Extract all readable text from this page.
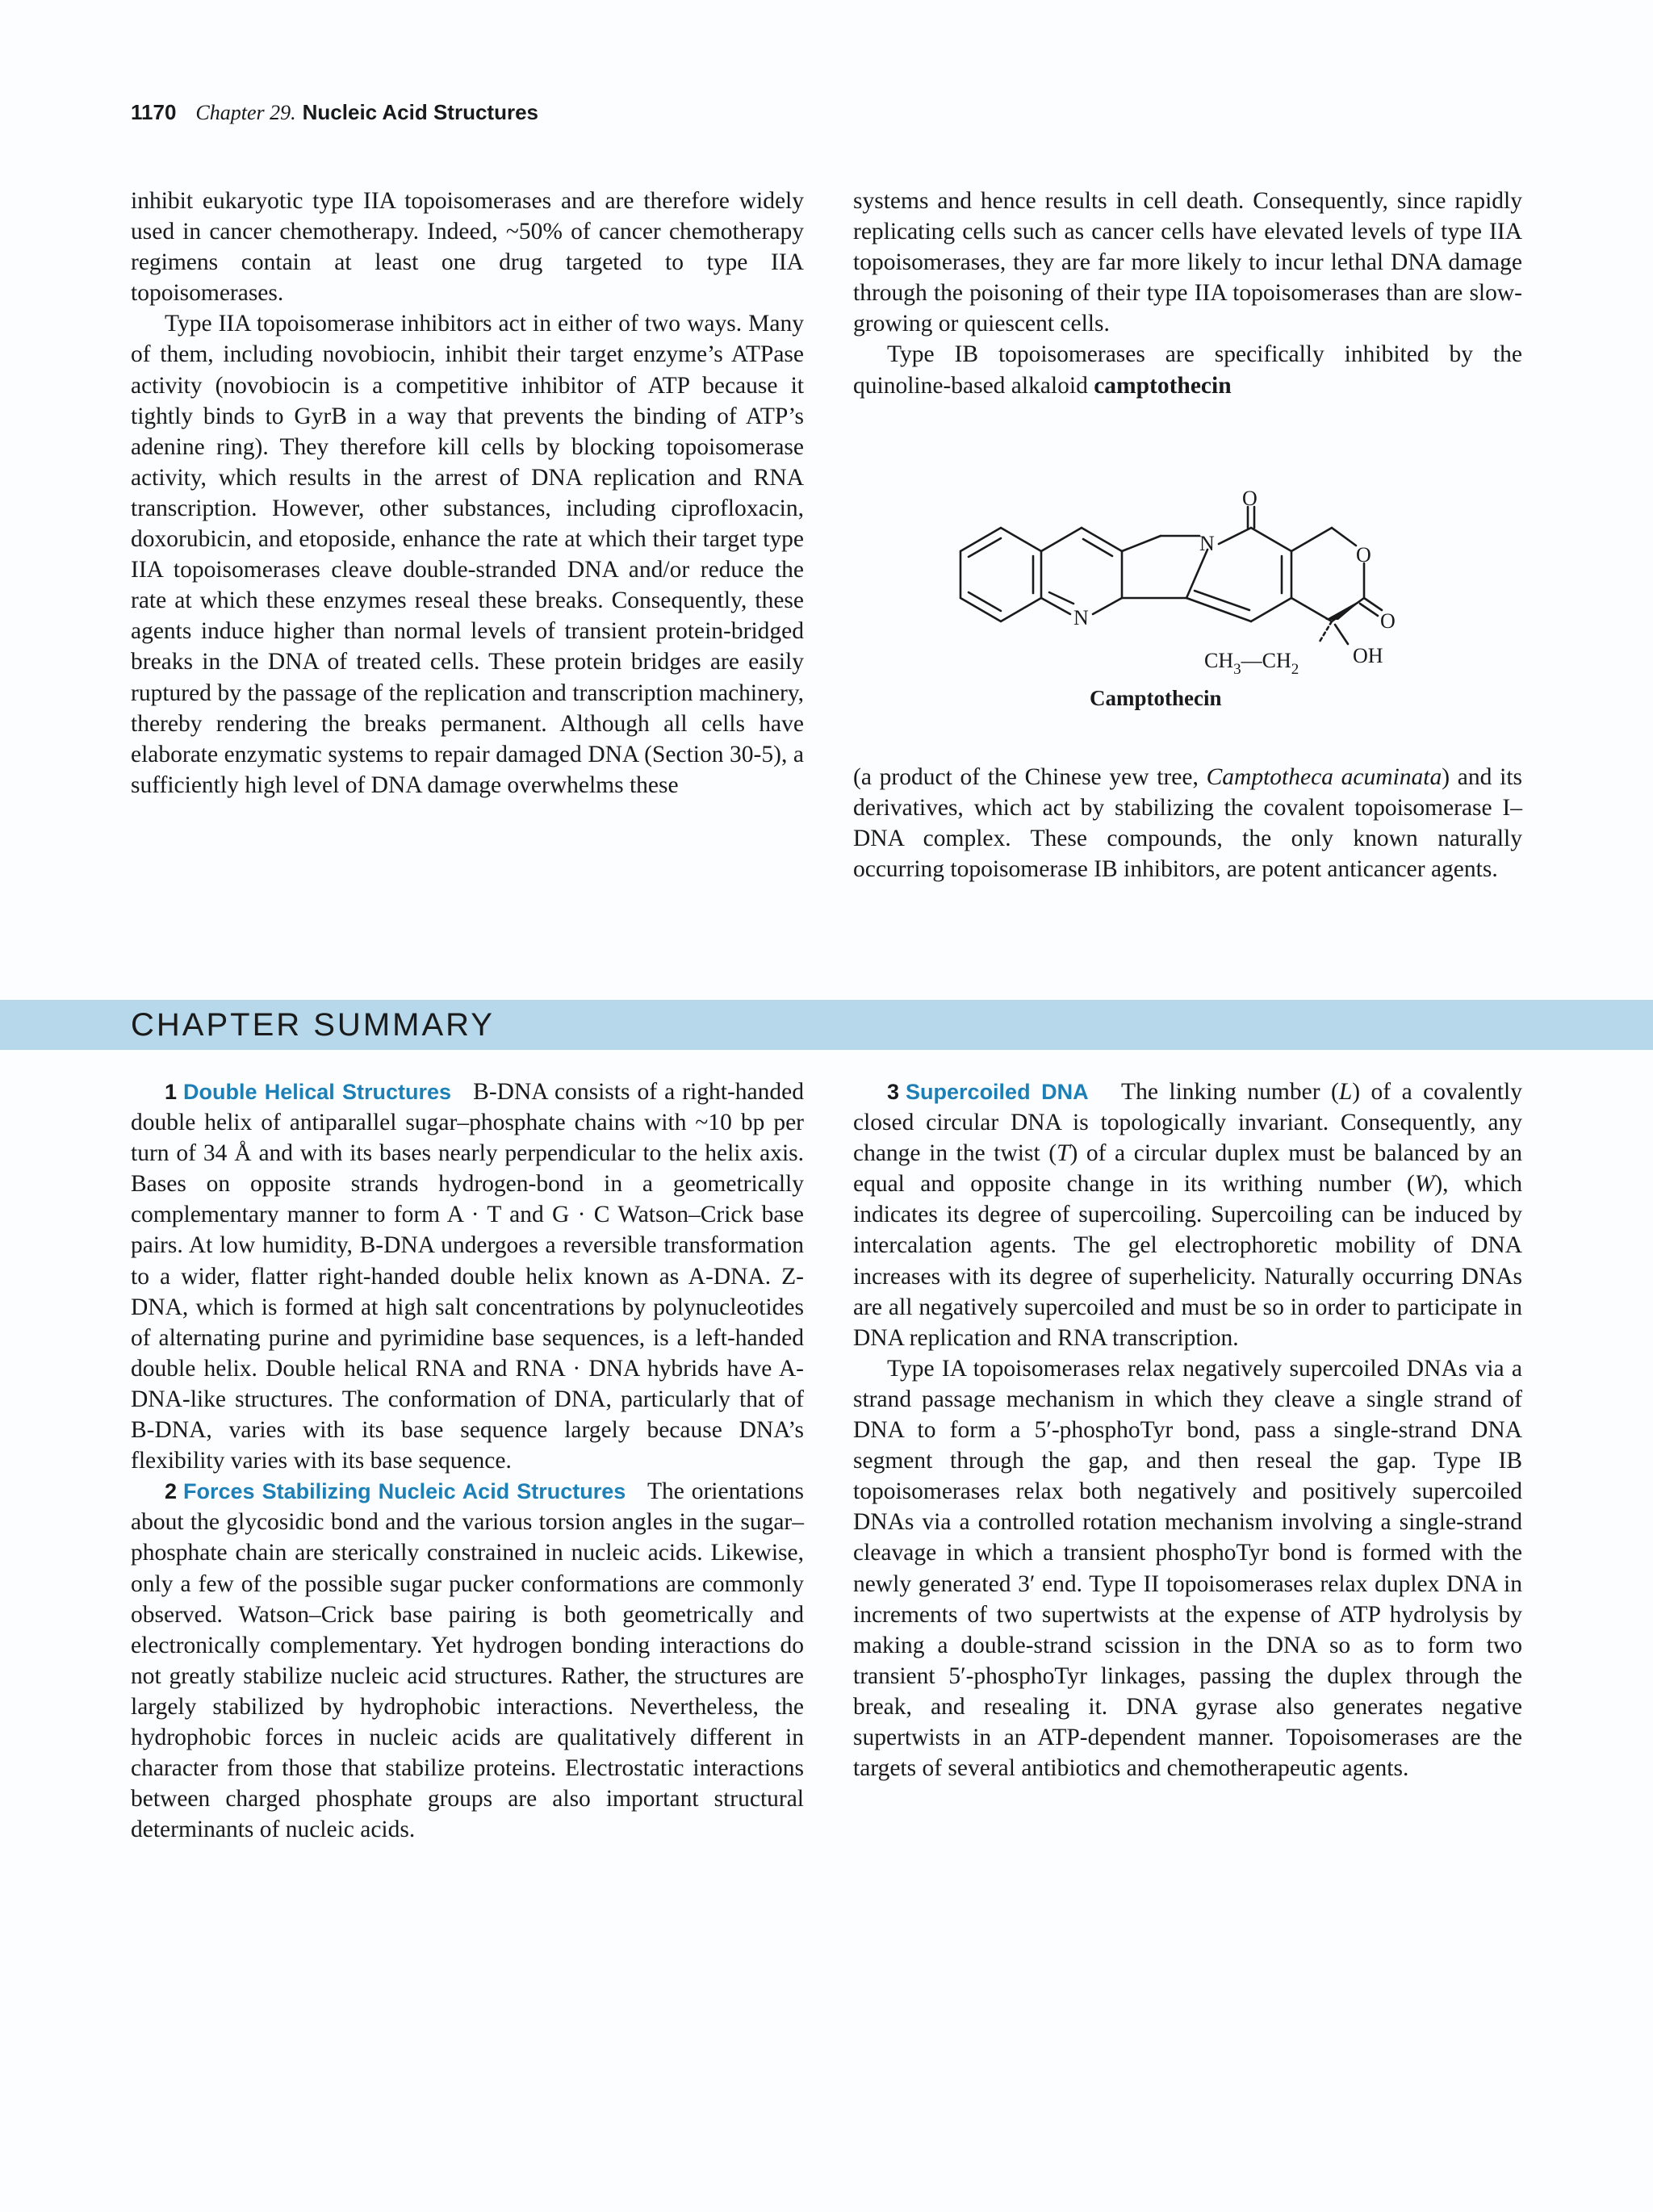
1170 Chapter 29. Nucleic Acid Structures

inhibit eukaryotic type IIA topoisomerases and are therefore widely used in cancer chemotherapy. Indeed, ~50% of cancer chemotherapy regimens contain at least one drug targeted to type IIA topoisomerases.

Type IIA topoisomerase inhibitors act in either of two ways. Many of them, including novobiocin, inhibit their target enzyme’s ATPase activity (novobiocin is a competitive inhibitor of ATP because it tightly binds to GyrB in a way that prevents the binding of ATP’s adenine ring). They therefore kill cells by blocking topoisomerase activity, which results in the arrest of DNA replication and RNA transcription. However, other substances, including ciprofloxacin, doxorubicin, and etoposide, enhance the rate at which their target type IIA topoisomerases cleave double-stranded DNA and/or reduce the rate at which these enzymes reseal these breaks. Consequently, these agents induce higher than normal levels of transient protein-bridged breaks in the DNA of treated cells. These protein bridges are easily ruptured by the passage of the replication and transcription machinery, thereby rendering the breaks permanent. Although all cells have elaborate enzymatic systems to repair damaged DNA (Section 30-5), a sufficiently high level of DNA damage overwhelms these

systems and hence results in cell death. Consequently, since rapidly replicating cells such as cancer cells have elevated levels of type IIA topoisomerases, they are far more likely to incur lethal DNA damage through the poisoning of their type IIA topoisomerases than are slow-growing or quiescent cells.

Type IB topoisomerases are specifically inhibited by the quinoline-based alkaloid camptothecin

O
N	O
N	O
$CH_3—CH_2$
OH
Camptothecin

(a product of the Chinese yew tree, Camptotheca acuminata) and its derivatives, which act by stabilizing the covalent topoisomerase I–DNA complex. These compounds, the only known naturally occurring topoisomerase IB inhibitors, are potent anticancer agents.

CHAPTER SUMMARY

1 Double Helical Structures B-DNA consists of a right-handed double helix of antiparallel sugar–phosphate chains with ~10 bp per turn of 34 Å and with its bases nearly perpendicular to the helix axis. Bases on opposite strands hydrogen-bond in a geometrically complementary manner to form A · T and G · C Watson–Crick base pairs. At low humidity, B-DNA undergoes a reversible transformation to a wider, flatter right-handed double helix known as A-DNA. Z-DNA, which is formed at high salt concentrations by polynucleotides of alternating purine and pyrimidine base sequences, is a left-handed double helix. Double helical RNA and RNA · DNA hybrids have A-DNA-like structures. The conformation of DNA, particularly that of B-DNA, varies with its base sequence largely because DNA’s flexibility varies with its base sequence.

2 Forces Stabilizing Nucleic Acid Structures The orientations about the glycosidic bond and the various torsion angles in the sugar–phosphate chain are sterically constrained in nucleic acids. Likewise, only a few of the possible sugar pucker conformations are commonly observed. Watson–Crick base pairing is both geometrically and electronically complementary. Yet hydrogen bonding interactions do not greatly stabilize nucleic acid structures. Rather, the structures are largely stabilized by hydrophobic interactions. Nevertheless, the hydrophobic forces in nucleic acids are qualitatively different in character from those that stabilize proteins. Electrostatic interactions between charged phosphate groups are also important structural determinants of nucleic acids.

3 Supercoiled DNA The linking number (L) of a covalently closed circular DNA is topologically invariant. Consequently, any change in the twist (T) of a circular duplex must be balanced by an equal and opposite change in its writhing number (W), which indicates its degree of supercoiling. Supercoiling can be induced by intercalation agents. The gel electrophoretic mobility of DNA increases with its degree of superhelicity. Naturally occurring DNAs are all negatively supercoiled and must be so in order to participate in DNA replication and RNA transcription.

Type IA topoisomerases relax negatively supercoiled DNAs via a strand passage mechanism in which they cleave a single strand of DNA to form a 5′-phosphoTyr bond, pass a single-strand DNA segment through the gap, and then reseal the gap. Type IB topoisomerases relax both negatively and positively supercoiled DNAs via a controlled rotation mechanism involving a single-strand cleavage in which a transient phosphoTyr bond is formed with the newly generated 3′ end. Type II topoisomerases relax duplex DNA in increments of two supertwists at the expense of ATP hydrolysis by making a double-strand scission in the DNA so as to form two transient 5′-phosphoTyr linkages, passing the duplex through the break, and resealing it. DNA gyrase also generates negative supertwists in an ATP-dependent manner. Topoisomerases are the targets of several antibiotics and chemotherapeutic agents.
